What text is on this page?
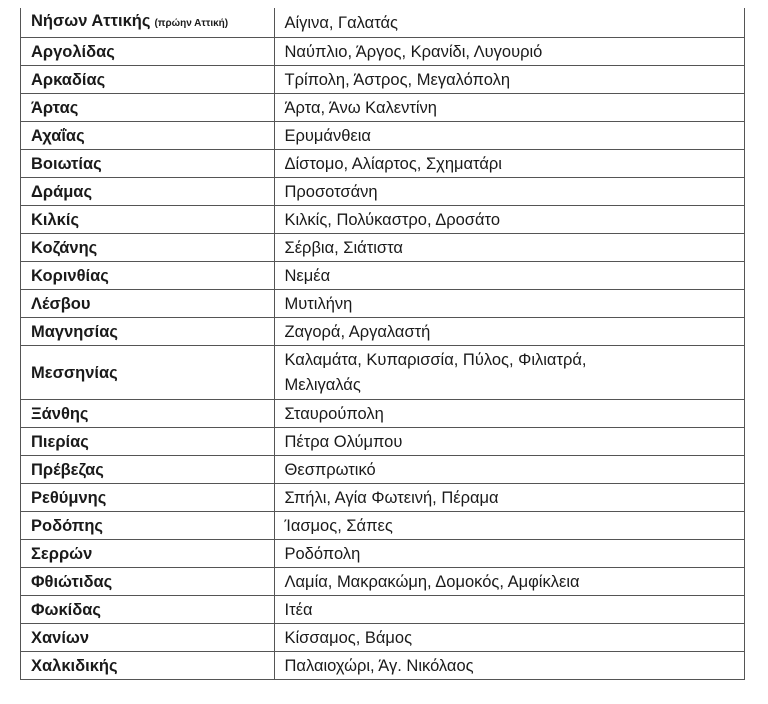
Νήσων Αττικής (πρώην Αττική)	Αίγινα, Γαλατάς
Αργολίδας	Ναύπλιο, Άργος, Κρανίδι, Λυγουριό
Αρκαδίας	Τρίπολη, Άστρος, Μεγαλόπολη
Άρτας	Άρτα, Άνω Καλεντίνη
Αχαΐας	Ερυμάνθεια
Βοιωτίας	Δίστομο, Αλίαρτος, Σχηματάρι
Δράμας	Προσοτσάνη
Κιλκίς	Κιλκίς, Πολύκαστρο, Δροσάτο
Κοζάνης	Σέρβια, Σιάτιστα
Κορινθίας	Νεμέα
Λέσβου	Μυτιλήνη
Μαγνησίας	Ζαγορά, Αργαλαστή
Μεσσηνίας	Καλαμάτα, Κυπαρισσία, Πύλος, Φιλιατρά, Μελιγαλάς
Ξάνθης	Σταυρούπολη
Πιερίας	Πέτρα Ολύμπου
Πρέβεζας	Θεσπρωτικό
Ρεθύμνης	Σπήλι, Αγία Φωτεινή, Πέραμα
Ροδόπης	Ίασμος, Σάπες
Σερρών	Ροδόπολη
Φθιώτιδας	Λαμία, Μακρακώμη, Δομοκός, Αμφίκλεια
Φωκίδας	Ιτέα
Χανίων	Κίσσαμος, Βάμος
Χαλκιδικής	Παλαιοχώρι, Άγ. Νικόλαος
